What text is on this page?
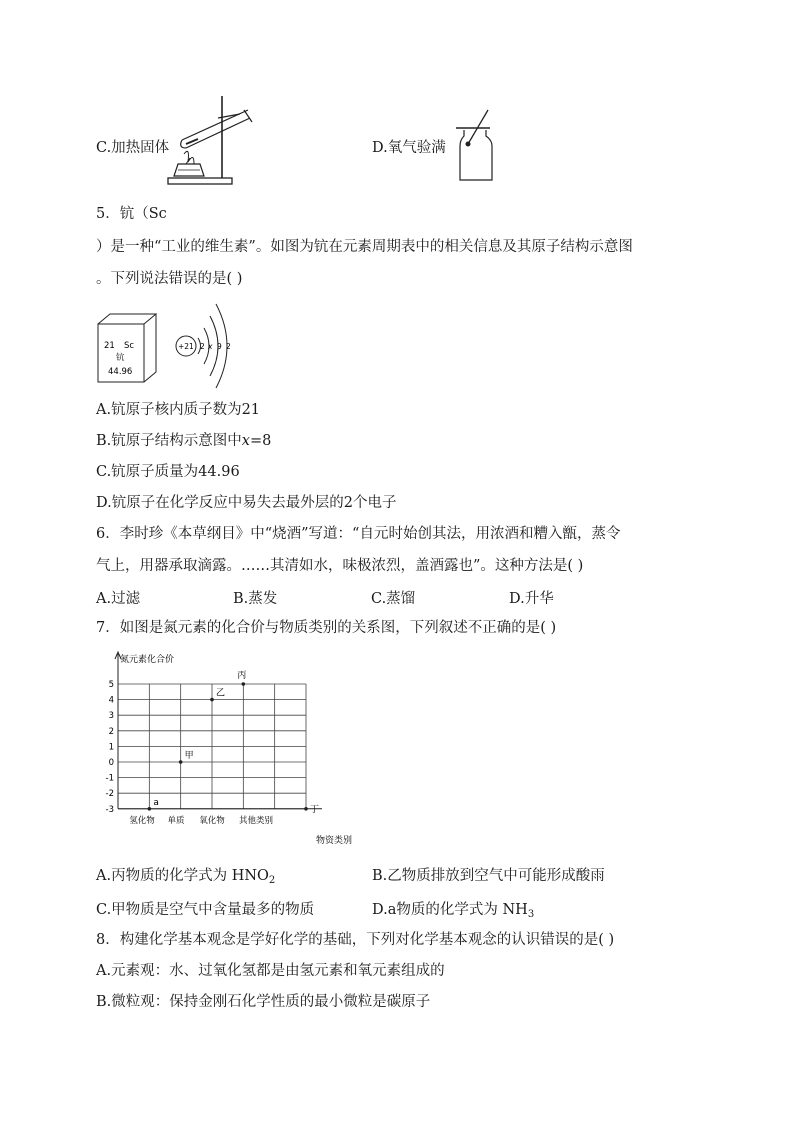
C.加热固体	D.氧气验满
5．钪（Sc
）是一种“工业的维生素”。如图为钪在元素周期表中的相关信息及其原子结构示意图
。下列说法错误的是( )
21 Sc
钪
44.96
+21 2 x 9 2
A.钪原子核内质子数为21
B.钪原子结构示意图中x=8
C.钪原子质量为44.96
D.钪原子在化学反应中易失去最外层的2个电子
6．李时珍《本草纲目》中“烧酒”写道：“自元时始创其法，用浓酒和糟入甑，蒸令
气上，用器承取滴露。……其清如水，味极浓烈，盖酒露也”。这种方法是( )
A.过滤	B.蒸发	C.蒸馏	D.升华
7．如图是氮元素的化合价与物质类别的关系图，下列叙述不正确的是( )
氮元素化合价
物资类别
5
4
3
2
1
0
-1
-2
-3
氢化物 单质 氧化物 其他类别
a
甲
乙
丙
丁
A.丙物质的化学式为 $HNO_2$	B.乙物质排放到空气中可能形成酸雨
C.甲物质是空气中含量最多的物质	D.a物质的化学式为 $NH_3$
8．构建化学基本观念是学好化学的基础，下列对化学基本观念的认识错误的是( )
A.元素观：水、过氧化氢都是由氢元素和氧元素组成的
B.微粒观：保持金刚石化学性质的最小微粒是碳原子
